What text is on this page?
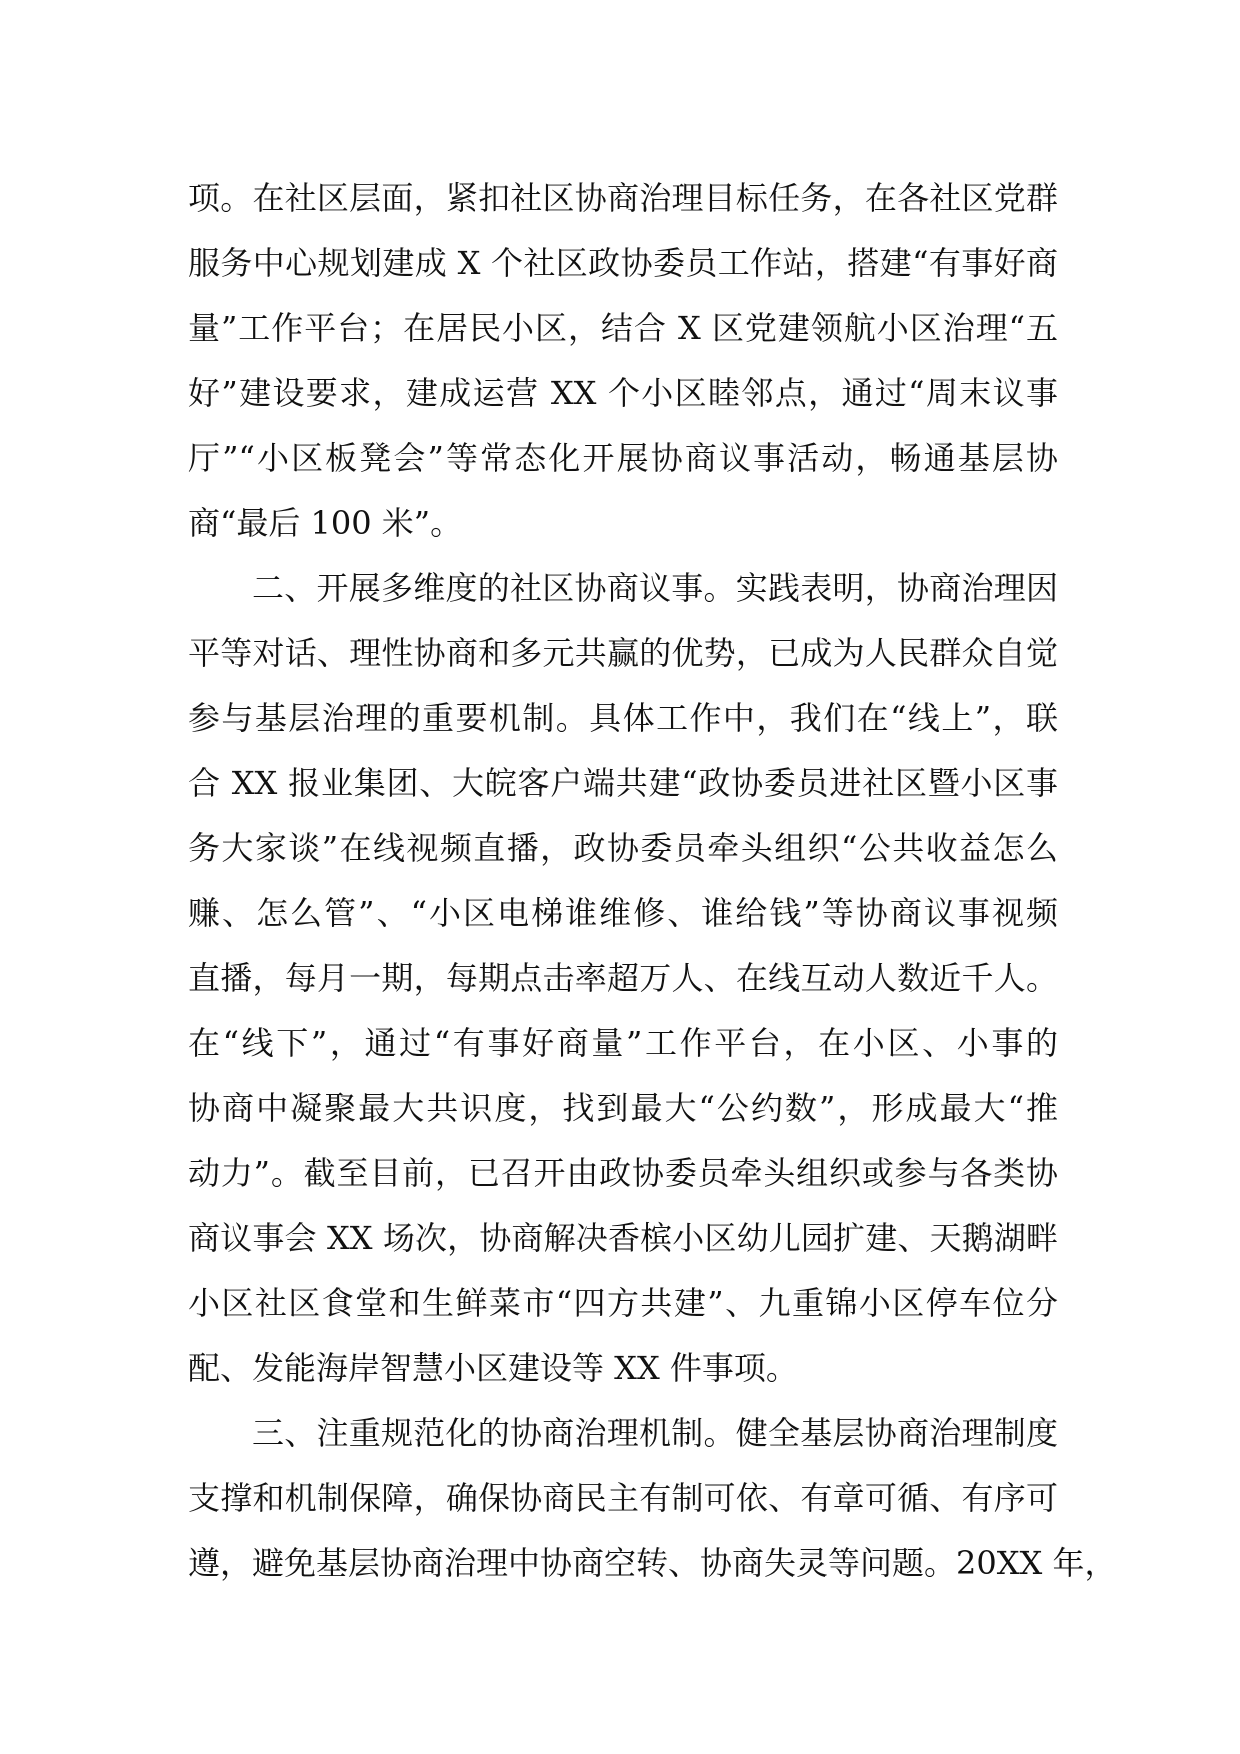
项。在社区层面，紧扣社区协商治理目标任务，在各社区党群
服务中心规划建成 X 个社区政协委员工作站，搭建“有事好商
量”工作平台；在居民小区，结合 X 区党建领航小区治理“五
好”建设要求，建成运营 XX 个小区睦邻点，通过“周末议事
厅”“小区板凳会”等常态化开展协商议事活动，畅通基层协
商“最后 100 米”。
二、开展多维度的社区协商议事。实践表明，协商治理因
平等对话、理性协商和多元共赢的优势，已成为人民群众自觉
参与基层治理的重要机制。具体工作中，我们在“线上”，联
合 XX 报业集团、大皖客户端共建“政协委员进社区暨小区事
务大家谈”在线视频直播，政协委员牵头组织“公共收益怎么
赚、怎么管”、“小区电梯谁维修、谁给钱”等协商议事视频
直播，每月一期，每期点击率超万人、在线互动人数近千人。
在“线下”，通过“有事好商量”工作平台，在小区、小事的
协商中凝聚最大共识度，找到最大“公约数”，形成最大“推
动力”。截至目前，已召开由政协委员牵头组织或参与各类协
商议事会 XX 场次，协商解决香槟小区幼儿园扩建、天鹅湖畔
小区社区食堂和生鲜菜市“四方共建”、九重锦小区停车位分
配、发能海岸智慧小区建设等 XX 件事项。
三、注重规范化的协商治理机制。健全基层协商治理制度
支撑和机制保障，确保协商民主有制可依、有章可循、有序可
遵，避免基层协商治理中协商空转、协商失灵等问题。20XX 年，
